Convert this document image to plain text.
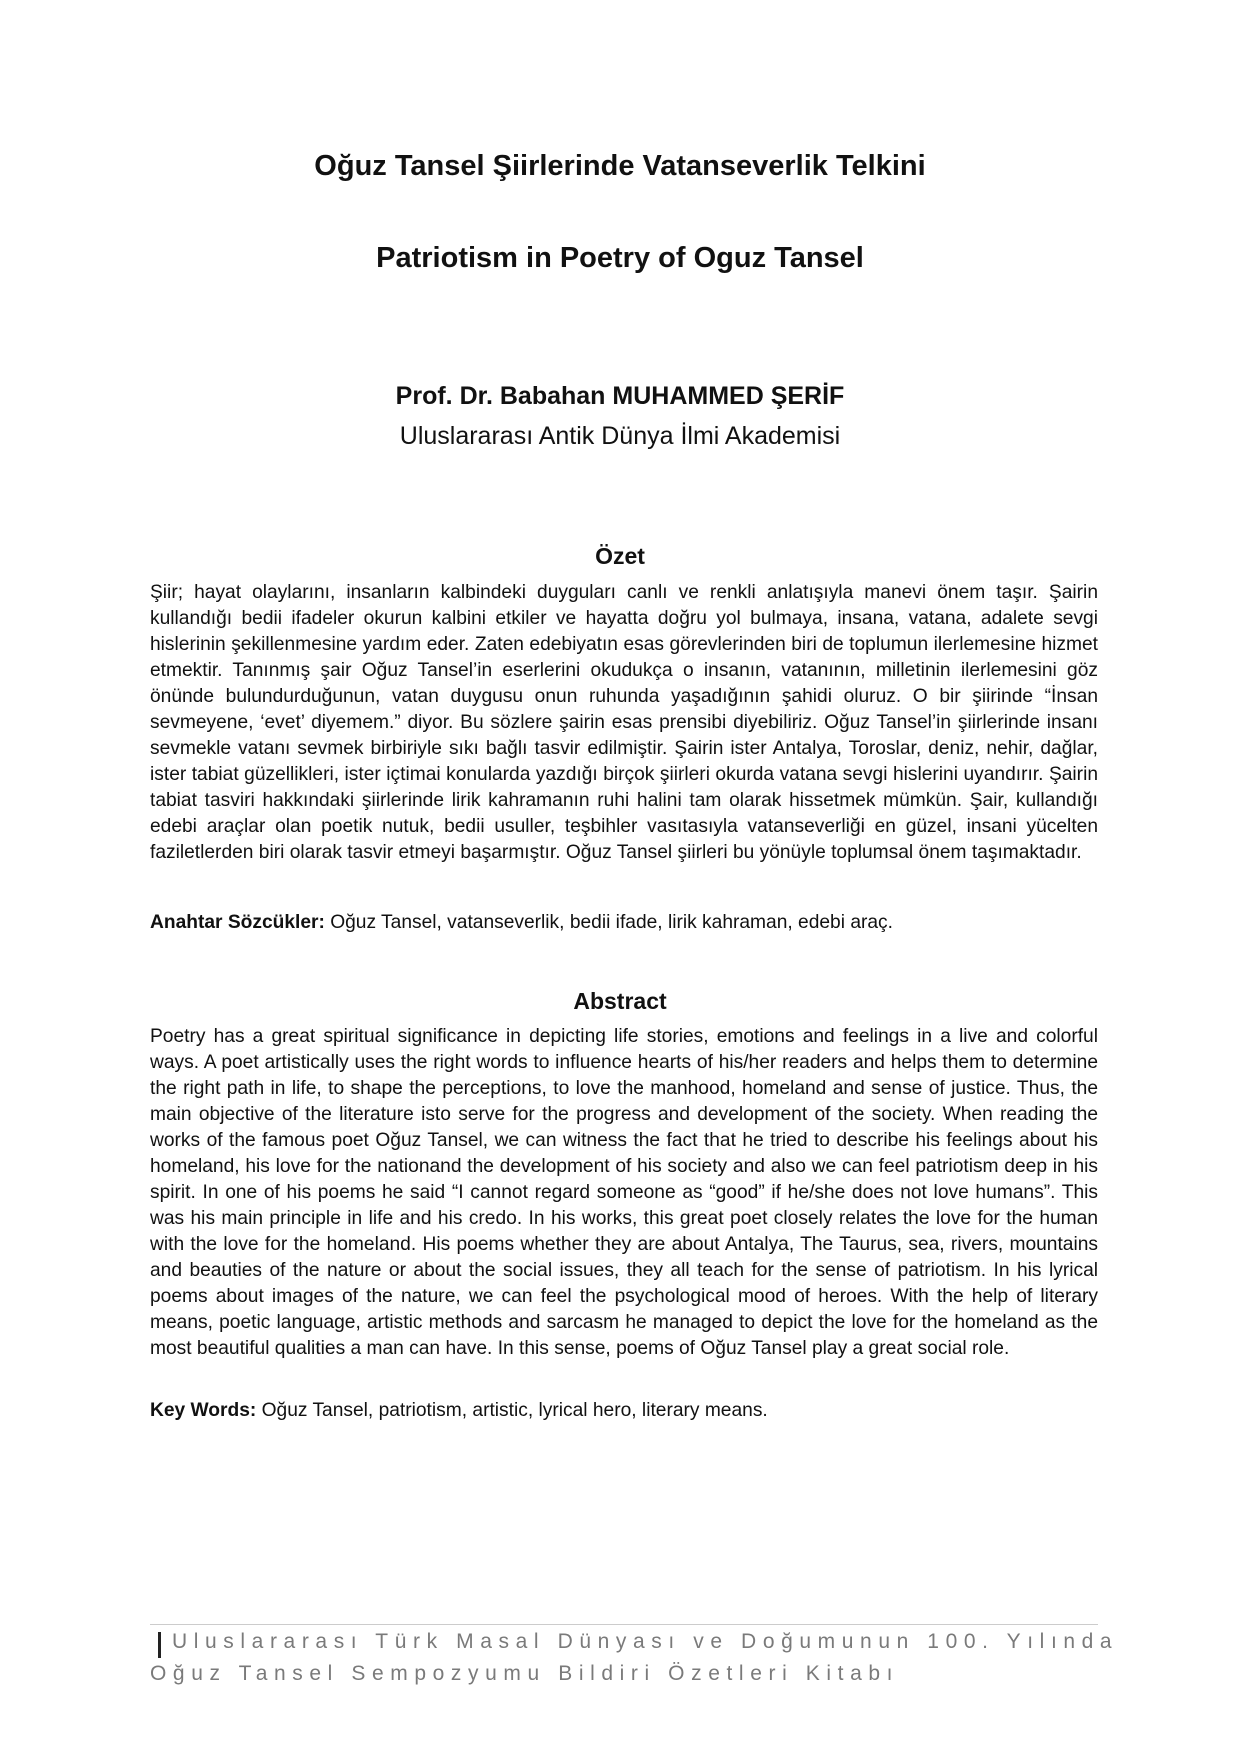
Oğuz Tansel Şiirlerinde Vatanseverlik Telkini
Patriotism in Poetry of Oguz Tansel
Prof. Dr. Babahan MUHAMMED ŞERİF
Uluslararası Antik Dünya İlmi Akademisi
Özet

Şiir; hayat olaylarını, insanların kalbindeki duyguları canlı ve renkli anlatışıyla manevi önem taşır. Şairin kullandığı bedii ifadeler okurun kalbini etkiler ve hayatta doğru yol bulmaya, insana, vatana, adalete sevgi hislerinin şekillenmesine yardım eder. Zaten edebiyatın esas görevlerinden biri de toplumun ilerlemesine hizmet etmektir. Tanınmış şair Oğuz Tansel’in eserlerini okudukça o insanın, vatanının, milletinin ilerlemesini göz önünde bulundurduğunun, vatan duygusu onun ruhunda yaşadığının şahidi oluruz. O bir şiirinde “İnsan sevmeyene, ‘evet’ diyemem.” diyor. Bu sözlere şairin esas prensibi diyebiliriz. Oğuz Tansel’in şiirlerinde insanı sevmekle vatanı sevmek birbiriyle sıkı bağlı tasvir edilmiştir. Şairin ister Antalya, Toroslar, deniz, nehir, dağlar, ister tabiat güzellikleri, ister içtimai konularda yazdığı birçok şiirleri okurda vatana sevgi hislerini uyandırır. Şairin tabiat tasviri hakkındaki şiirlerinde lirik kahramanın ruhi halini tam olarak hissetmek mümkün. Şair, kullandığı edebi araçlar olan poetik nutuk, bedii usuller, teşbihler vasıtasıyla vatanseverliği en güzel, insani yücelten faziletlerden biri olarak tasvir etmeyi başarmıştır. Oğuz Tansel şiirleri bu yönüyle toplumsal önem taşımaktadır.

Anahtar Sözcükler: Oğuz Tansel, vatanseverlik, bedii ifade, lirik kahraman, edebi araç.

Abstract

Poetry has a great spiritual significance in depicting life stories, emotions and feelings in a live and colorful ways. A poet artistically uses the right words to influence hearts of his/her readers and helps them to determine the right path in life, to shape the perceptions, to love the manhood, homeland and sense of justice. Thus, the main objective of the literature isto serve for the progress and development of the society. When reading the works of the famous poet Oğuz Tansel, we can witness the fact that he tried to describe his feelings about his homeland, his love for the nationand the development of his society and also we can feel patriotism deep in his spirit. In one of his poems he said “I cannot regard someone as “good” if he/she does not love humans”. This was his main principle in life and his credo. In his works, this great poet closely relates the love for the human with the love for the homeland. His poems whether they are about Antalya, The Taurus, sea, rivers, mountains and beauties of the nature or about the social issues, they all teach for the sense of patriotism. In his lyrical poems about images of the nature, we can feel the psychological mood of heroes. With the help of literary means, poetic language, artistic methods and sarcasm he managed to depict the love for the homeland as the most beautiful qualities a man can have. In this sense, poems of Oğuz Tansel play a great social role.

Key Words: Oğuz Tansel, patriotism, artistic, lyrical hero, literary means.

Uluslararası Türk Masal Dünyası ve Doğumunun 100. Yılında
Oğuz Tansel Sempozyumu Bildiri Özetleri Kitabı
